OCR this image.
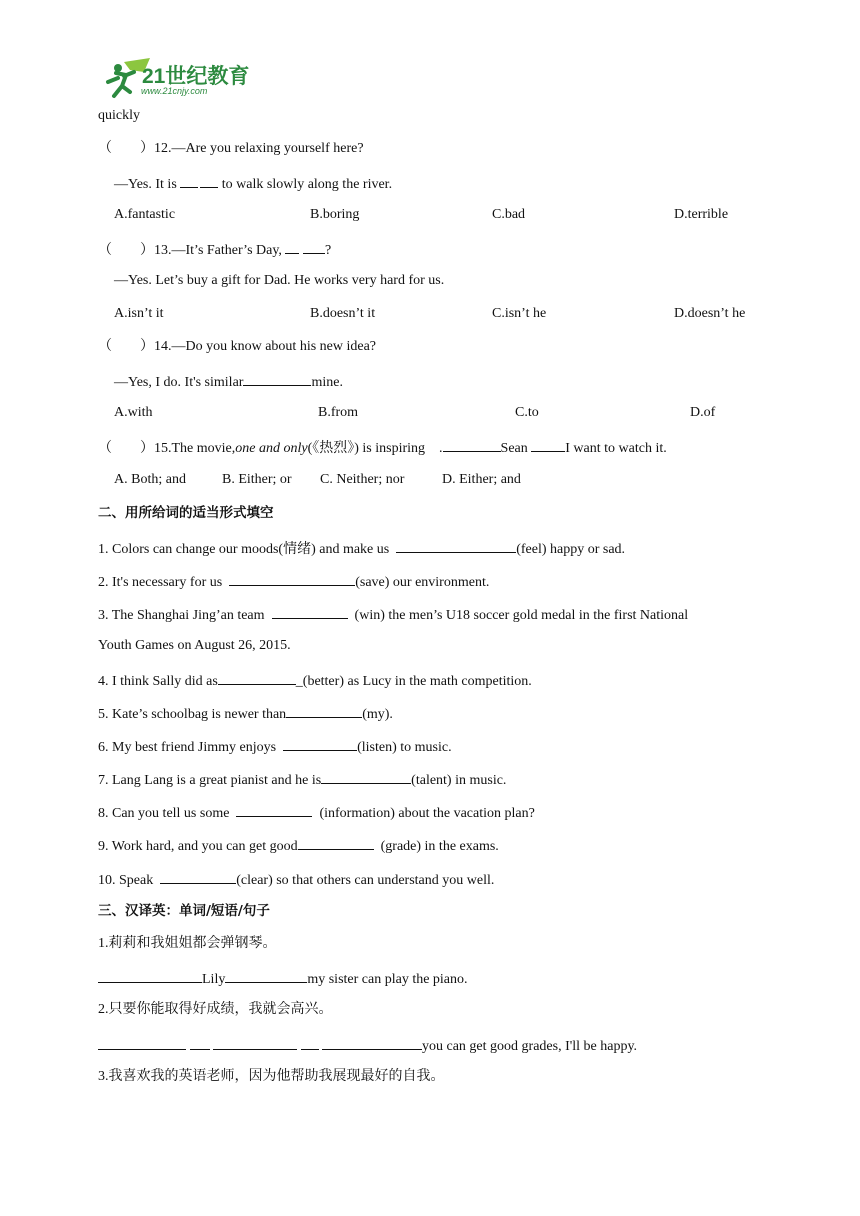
21世纪教育
www.21cnjy.com
quickly
（        ）12.—Are you relaxing yourself here?
—Yes. It is	to walk slowly along the river.
A.fantastic	B.boring	C.bad	D.terrible
（        ）13.—It’s Father’s Day,	?
—Yes. Let’s buy a gift for Dad. He works very hard for us.
A.isn’t it	B.doesn’t it	C.isn’t he	D.doesn’t he
（        ）14.—Do you know about his new idea?
—Yes, I do. It's similar	mine.
A.with	B.from	C.to	D.of
（        ）15.The movie,one and only(《热烈》) is inspiring    .	Sean I want to watch it.
A. Both; and	B. Either; or C. Neither; nor	D. Either; and
二、用所给词的适当形式填空
1. Colors can change our moods(情绪) and make us	(feel) happy or sad.
2. It's necessary for us	(save) our environment.
3. The Shanghai Jing’an team	(win) the men’s U18 soccer gold medal in the first National
Youth Games on August 26, 2015.
4. I think Sally did as	_(better) as Lucy in the math competition.
5. Kate’s schoolbag is newer than	(my).
6. My best friend Jimmy enjoys	(listen) to music.
7. Lang Lang is a great pianist and he is	(talent) in music.
8. Can you tell us some	(information) about the vacation plan?
9. Work hard, and you can get good	(grade) in the exams.
10. Speak	(clear) so that others can understand you well.
三、汉译英：单词/短语/句子
1.莉莉和我姐姐都会弹钢琴。
Lily	my sister can play the piano.
2.只要你能取得好成绩，我就会高兴。
you can get good grades, I'll be happy.
3.我喜欢我的英语老师，因为他帮助我展现最好的自我。
